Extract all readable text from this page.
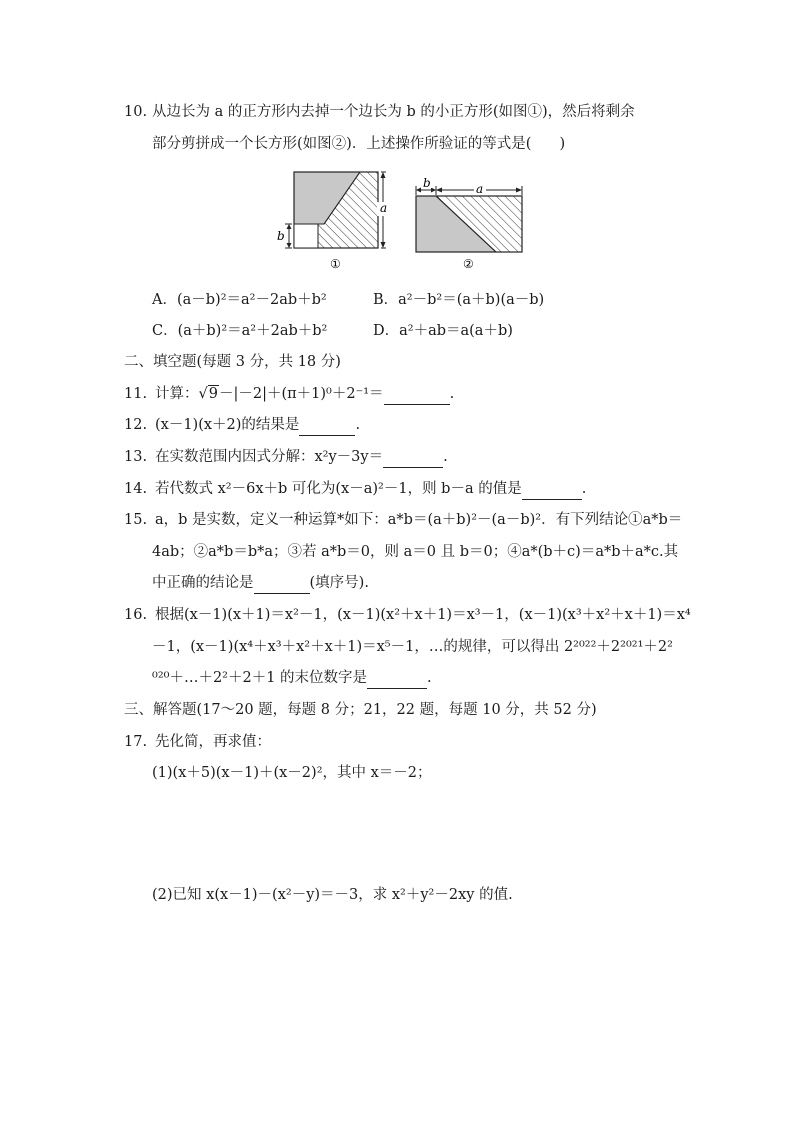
10. 从边长为 a 的正方形内去掉一个边长为 b 的小正方形(如图①)，然后将剩余
部分剪拼成一个长方形(如图②)．上述操作所验证的等式是( )
a
b
①
b	a
②
A．(a－b)²＝a²－2ab＋b²	B．a²－b²＝(a＋b)(a－b)
C．(a＋b)²＝a²＋2ab＋b²	D．a²＋ab＝a(a＋b)
二、填空题(每题 3 分，共 18 分)
11. 计算：√9－|－2|＋(π＋1)⁰＋2⁻¹＝	.
12. (x－1)(x＋2)的结果是	.
13. 在实数范围内因式分解：x²y－3y＝	.
14. 若代数式 x²－6x＋b 可化为(x－a)²－1，则 b－a 的值是	.
15. a，b 是实数，定义一种运算*如下：a*b＝(a＋b)²－(a－b)²．有下列结论①a*b＝
4ab；②a*b＝b*a；③若 a*b＝0，则 a＝0 且 b＝0；④a*(b＋c)＝a*b＋a*c.其
中正确的结论是	(填序号).
16. 根据(x－1)(x＋1)＝x²－1，(x－1)(x²＋x＋1)＝x³－1，(x－1)(x³＋x²＋x＋1)＝x⁴
－1，(x－1)(x⁴＋x³＋x²＋x＋1)＝x⁵－1，…的规律，可以得出 2²⁰²²＋2²⁰²¹＋2²
⁰²⁰＋…＋2²＋2＋1 的末位数字是	.
三、解答题(17～20 题，每题 8 分；21，22 题，每题 10 分，共 52 分)
17. 先化简，再求值：
(1)(x＋5)(x－1)＋(x－2)²，其中 x＝－2；
(2)已知 x(x－1)－(x²－y)＝－3，求 x²＋y²－2xy 的值.
